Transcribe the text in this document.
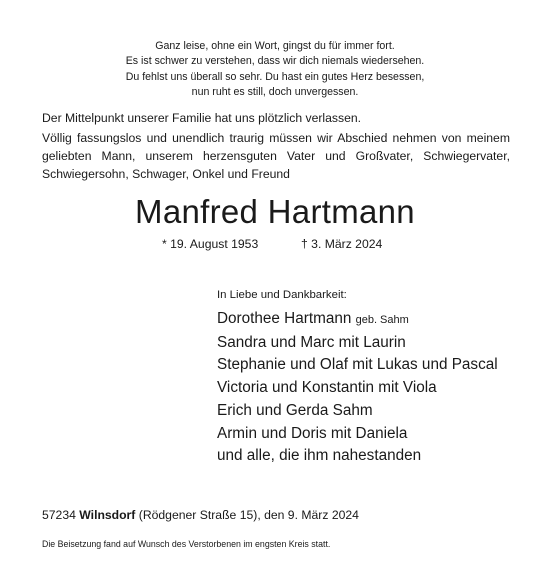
Ganz leise, ohne ein Wort, gingst du für immer fort.
Es ist schwer zu verstehen, dass wir dich niemals wiedersehen.
Du fehlst uns überall so sehr. Du hast ein gutes Herz besessen,
nun ruht es still, doch unvergessen.

Der Mittelpunkt unserer Familie hat uns plötzlich verlassen.

Völlig fassungslos und unendlich traurig müssen wir Abschied nehmen von meinem geliebten Mann, unserem herzensguten Vater und Großvater, Schwiegervater, Schwiegersohn, Schwager, Onkel und Freund

Manfred Hartmann
* 19. August 1953	† 3. März 2024
In Liebe und Dankbarkeit:
Dorothee Hartmann geb. Sahm
Sandra und Marc mit Laurin
Stephanie und Olaf mit Lukas und Pascal
Victoria und Konstantin mit Viola
Erich und Gerda Sahm
Armin und Doris mit Daniela
und alle, die ihm nahestanden
57234 Wilnsdorf (Rödgener Straße 15), den 9. März 2024
Die Beisetzung fand auf Wunsch des Verstorbenen im engsten Kreis statt.
